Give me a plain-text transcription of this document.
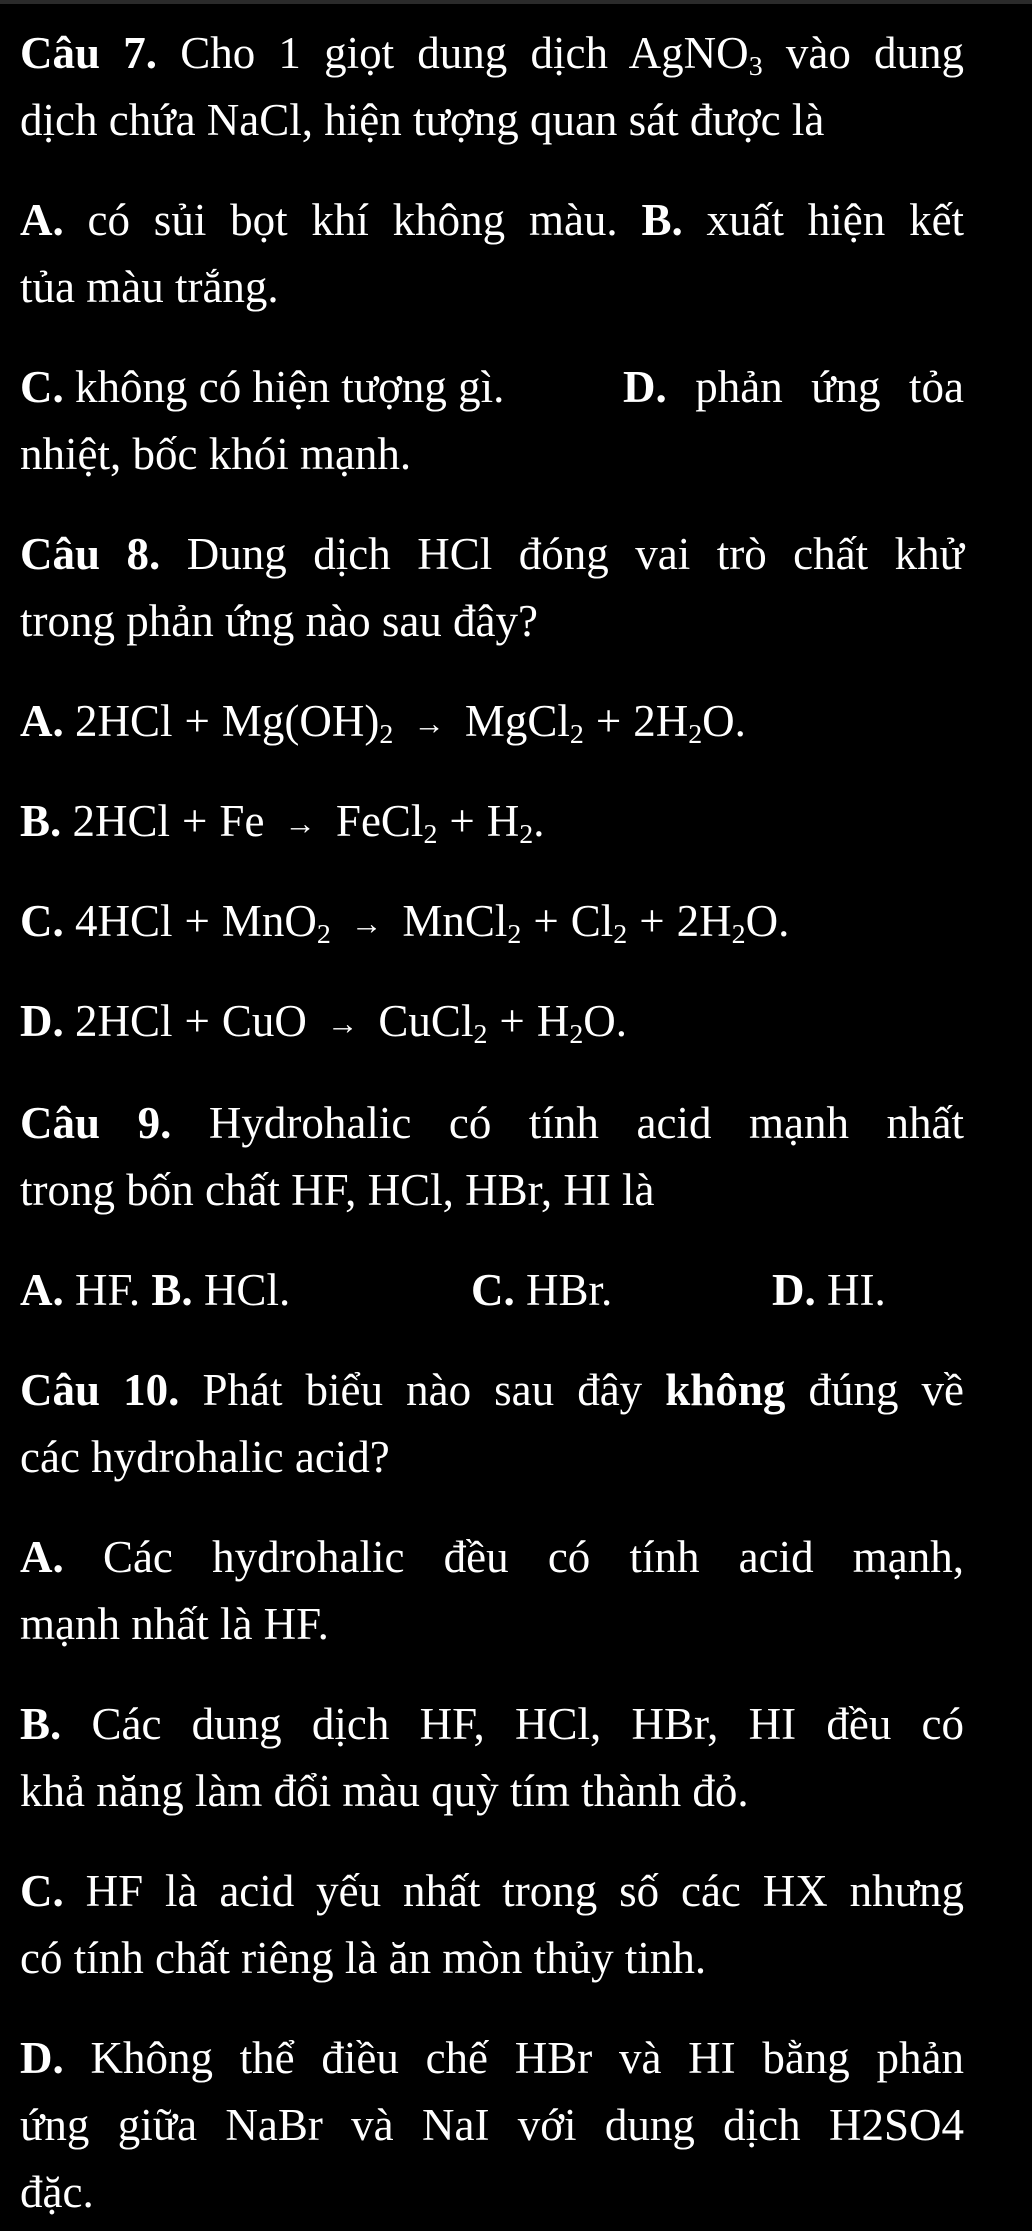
Câu 7. Cho 1 giọt dung dịch AgNO$_3$ vào dung
dịch chứa NaCl, hiện tượng quan sát được là
A. có sủi bọt khí không màu. B. xuất hiện kết
tủa màu trắng.
C. không có hiện tượng gì.	D. phản ứng tỏa
nhiệt, bốc khói mạnh.
Câu 8. Dung dịch HCl đóng vai trò chất khử
trong phản ứng nào sau đây?
A. $2HCl + Mg(OH)_2$ → MgCl$_2$ + $2H_2O$.
B. 2HCl + Fe → FeCl$_2$ + $H_2$.
C. 4HCl + MnO$_2$ → MnCl$_2$ + $Cl_2 + 2H_2O$.
D. 2HCl + CuO → CuCl$_2$ + $H_2O$.
Câu 9. Hydrohalic có tính acid mạnh nhất
trong bốn chất HF, HCl, HBr, HI là
A. HF. B. HCl.	C. HBr.	D. HI.
Câu 10. Phát biểu nào sau đây không đúng về
các hydrohalic acid?
A. Các hydrohalic đều có tính acid mạnh,
mạnh nhất là HF.
B. Các dung dịch HF, HCl, HBr, HI đều có
khả năng làm đổi màu quỳ tím thành đỏ.
C. HF là acid yếu nhất trong số các HX nhưng
có tính chất riêng là ăn mòn thủy tinh.
D. Không thể điều chế HBr và HI bằng phản
ứng giữa NaBr và NaI với dung dịch H2SO4
đặc.
